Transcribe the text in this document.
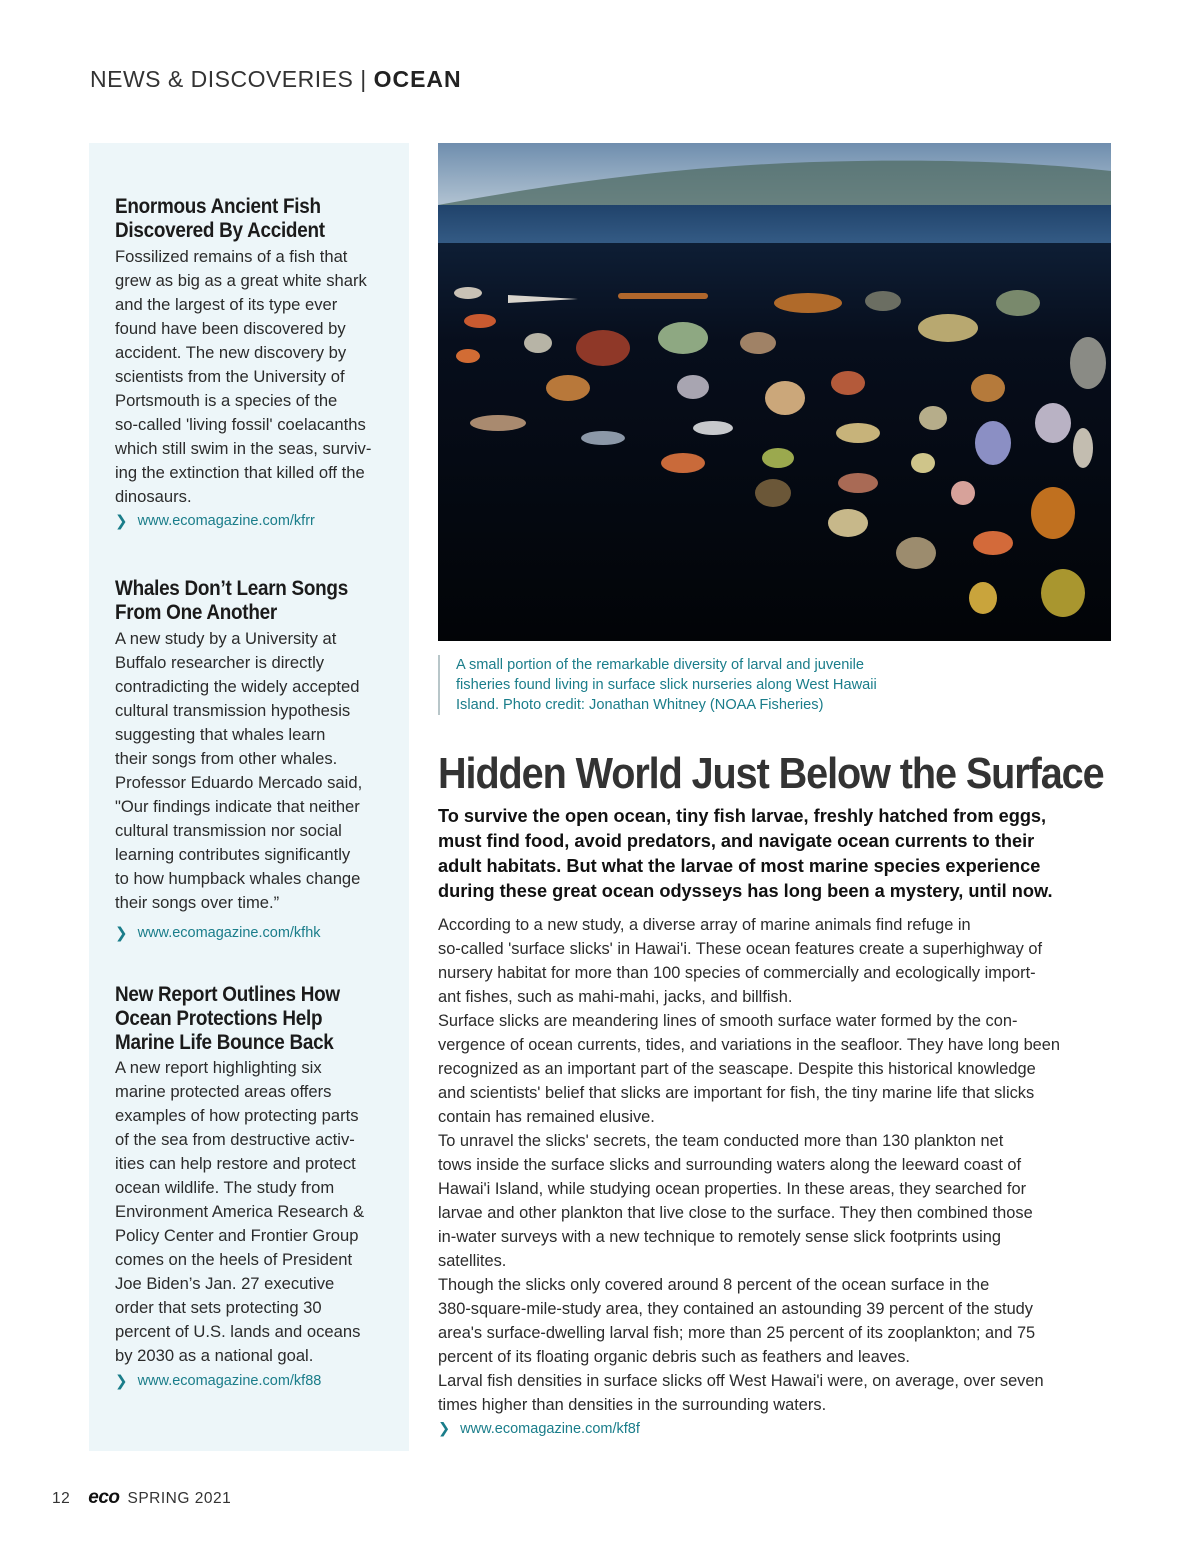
NEWS & DISCOVERIES | OCEAN
Enormous Ancient Fish
Discovered By Accident
Fossilized remains of a fish that
grew as big as a great white shark
and the largest of its type ever
found have been discovered by
accident. The new discovery by
scientists from the University of
Portsmouth is a species of the
so-called 'living fossil' coelacanths
which still swim in the seas, surviv-
ing the extinction that killed off the
dinosaurs.
❯ www.ecomagazine.com/kfrr
Whales Don’t Learn Songs
From One Another
A new study by a University at
Buffalo researcher is directly
contradicting the widely accepted
cultural transmission hypothesis
suggesting that whales learn
their songs from other whales.
Professor Eduardo Mercado said,
"Our findings indicate that neither
cultural transmission nor social
learning contributes significantly
to how humpback whales change
their songs over time.”
❯ www.ecomagazine.com/kfhk
New Report Outlines How
Ocean Protections Help
Marine Life Bounce Back
A new report highlighting six
marine protected areas offers
examples of how protecting parts
of the sea from destructive activ-
ities can help restore and protect
ocean wildlife. The study from
Environment America Research &
Policy Center and Frontier Group
comes on the heels of President
Joe Biden’s Jan. 27 executive
order that sets protecting 30
percent of U.S. lands and oceans
by 2030 as a national goal.
❯ www.ecomagazine.com/kf88
A small portion of the remarkable diversity of larval and juvenile
fisheries found living in surface slick nurseries along West Hawaii
Island. Photo credit: Jonathan Whitney (NOAA Fisheries)
Hidden World Just Below the Surface
To survive the open ocean, tiny fish larvae, freshly hatched from eggs,
must find food, avoid predators, and navigate ocean currents to their
adult habitats. But what the larvae of most marine species experience
during these great ocean odysseys has long been a mystery, until now.

According to a new study, a diverse array of marine animals find refuge in
so-called 'surface slicks' in Hawai'i. These ocean features create a superhighway of
nursery habitat for more than 100 species of commercially and ecologically import-
ant fishes, such as mahi-mahi, jacks, and billfish.

Surface slicks are meandering lines of smooth surface water formed by the con-
vergence of ocean currents, tides, and variations in the seafloor. They have long been
recognized as an important part of the seascape. Despite this historical knowledge
and scientists' belief that slicks are important for fish, the tiny marine life that slicks
contain has remained elusive.

To unravel the slicks' secrets, the team conducted more than 130 plankton net
tows inside the surface slicks and surrounding waters along the leeward coast of
Hawai'i Island, while studying ocean properties. In these areas, they searched for
larvae and other plankton that live close to the surface. They then combined those
in-water surveys with a new technique to remotely sense slick footprints using
satellites.

Though the slicks only covered around 8 percent of the ocean surface in the
380-square-mile-study area, they contained an astounding 39 percent of the study
area's surface-dwelling larval fish; more than 25 percent of its zooplankton; and 75
percent of its floating organic debris such as feathers and leaves.

Larval fish densities in surface slicks off West Hawai'i were, on average, over seven
times higher than densities in the surrounding waters.

❯ www.ecomagazine.com/kf8f
12 eco SPRING 2021
